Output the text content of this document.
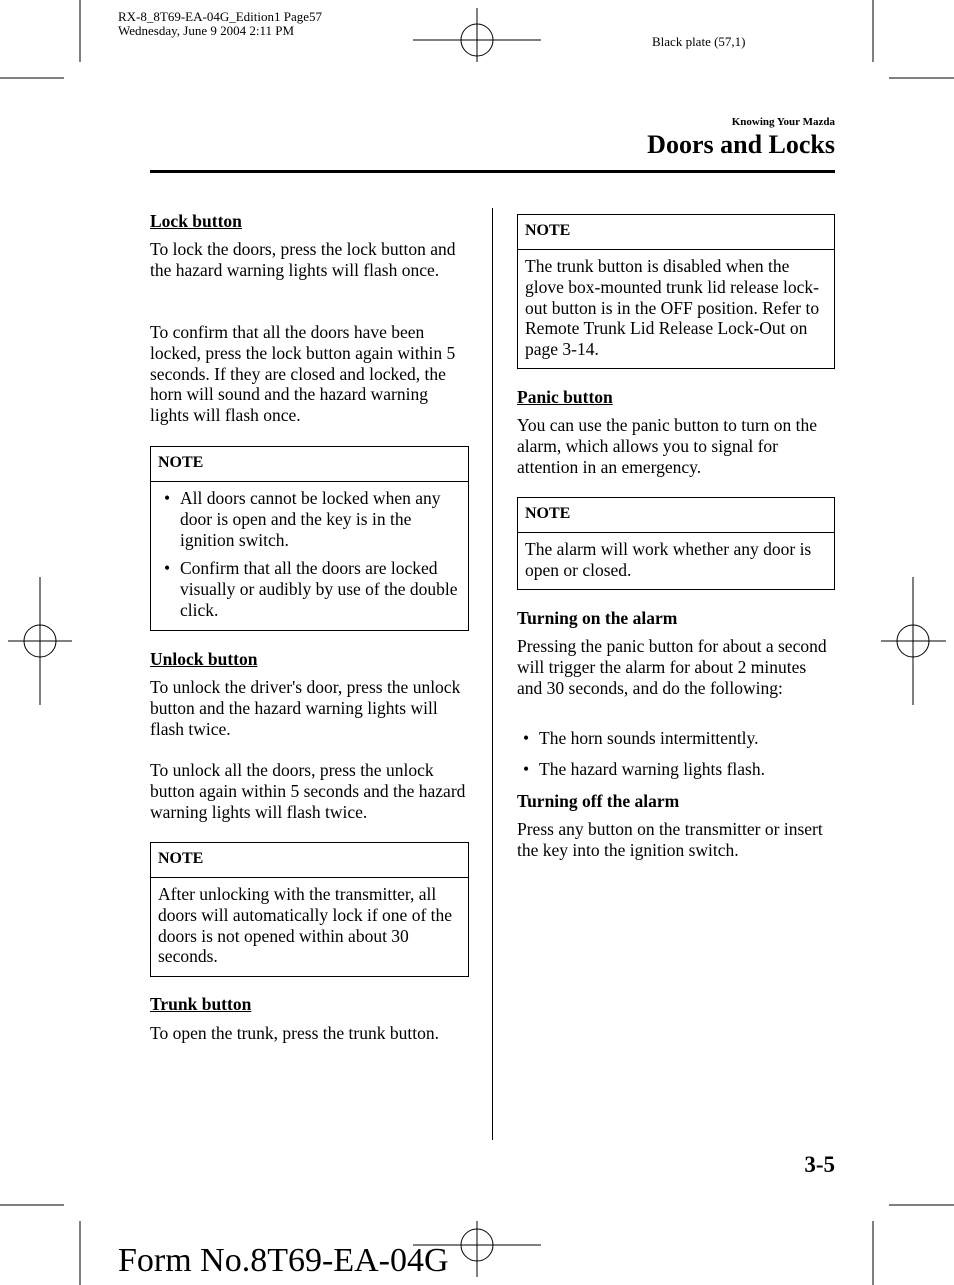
RX-8_8T69-EA-04G_Edition1 Page57
Wednesday, June 9 2004 2:11 PM
Black plate (57,1)
Knowing Your Mazda
Doors and Locks
Lock button
To lock the doors, press the lock button and the hazard warning lights will flash once.
To confirm that all the doors have been locked, press the lock button again within 5 seconds. If they are closed and locked, the horn will sound and the hazard warning lights will flash once.
NOTE
• All doors cannot be locked when any door is open and the key is in the ignition switch.
• Confirm that all the doors are locked visually or audibly by use of the double click.
Unlock button
To unlock the driver's door, press the unlock button and the hazard warning lights will flash twice.
To unlock all the doors, press the unlock button again within 5 seconds and the hazard warning lights will flash twice.
NOTE
After unlocking with the transmitter, all doors will automatically lock if one of the doors is not opened within about 30 seconds.
Trunk button
To open the trunk, press the trunk button.
NOTE
The trunk button is disabled when the glove box-mounted trunk lid release lock-out button is in the OFF position. Refer to Remote Trunk Lid Release Lock-Out on page 3-14.
Panic button
You can use the panic button to turn on the alarm, which allows you to signal for attention in an emergency.
NOTE
The alarm will work whether any door is open or closed.
Turning on the alarm
Pressing the panic button for about a second will trigger the alarm for about 2 minutes and 30 seconds, and do the following:
• The horn sounds intermittently.
• The hazard warning lights flash.
Turning off the alarm
Press any button on the transmitter or insert the key into the ignition switch.
3-5
Form No.8T69-EA-04G
